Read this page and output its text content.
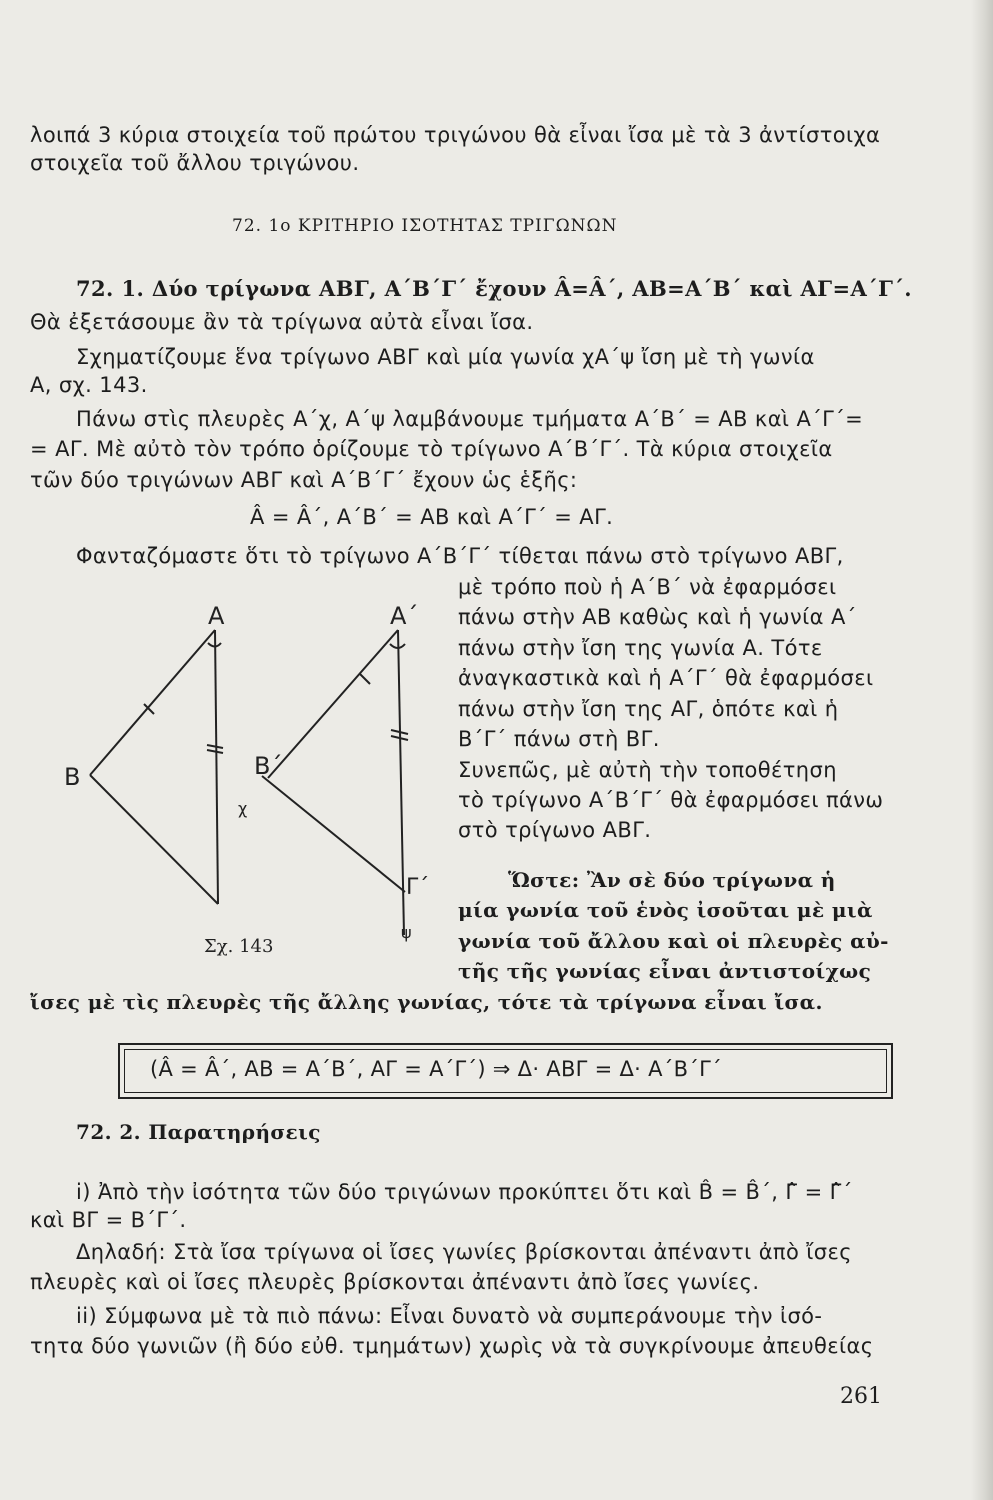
λοιπά 3 κύρια στοιχεία τοῦ πρώτου τριγώνου θὰ εἶναι ἴσα μὲ τὰ 3 ἀντίστοιχα
στοιχεῖα τοῦ ἄλλου τριγώνου.
72. 1ο ΚΡΙΤΗΡΙΟ ΙΣΟΤΗΤΑΣ ΤΡΙΓΩΝΩΝ
72. 1. Δύο τρίγωνα ΑΒΓ, Α΄Β΄Γ΄ ἔχουν Â=Â΄, ΑΒ=Α΄Β΄ καὶ ΑΓ=Α΄Γ΄.
Θὰ ἐξετάσουμε ἂν τὰ τρίγωνα αὐτὰ εἶναι ἴσα.
Σχηματίζουμε ἕνα τρίγωνο ΑΒΓ καὶ μία γωνία χΑ΄ψ ἴση μὲ τὴ γωνία
Α, σχ. 143.
Πάνω στὶς πλευρὲς Α΄χ, Α΄ψ λαμβάνουμε τμήματα Α΄Β΄ = ΑΒ καὶ Α΄Γ΄=
= ΑΓ. Μὲ αὐτὸ τὸν τρόπο ὁρίζουμε τὸ τρίγωνο Α΄Β΄Γ΄. Τὰ κύρια στοιχεῖα
τῶν δύο τριγώνων ΑΒΓ καὶ Α΄Β΄Γ΄ ἔχουν ὡς ἑξῆς:
Â = Â΄, Α΄Β΄ = ΑΒ καὶ Α΄Γ΄ = ΑΓ.
Φανταζόμαστε ὅτι τὸ τρίγωνο Α΄Β΄Γ΄ τίθεται πάνω στὸ τρίγωνο ΑΒΓ,
μὲ τρόπο ποὺ ἡ Α΄Β΄ νὰ ἐφαρμόσει
πάνω στὴν ΑΒ καθὼς καὶ ἡ γωνία Α΄
πάνω στὴν ἴση της γωνία Α. Τότε
ἀναγκαστικὰ καὶ ἡ Α΄Γ΄ θὰ ἐφαρμόσει
πάνω στὴν ἴση της ΑΓ, ὁπότε καὶ ἡ
Β΄Γ΄ πάνω στὴ ΒΓ.
Συνεπῶς, μὲ αὐτὴ τὴν τοποθέτηση
τὸ τρίγωνο Α΄Β΄Γ΄ θὰ ἐφαρμόσει πάνω
στὸ τρίγωνο ΑΒΓ.
Ὥστε: Ἂν σὲ δύο τρίγωνα ἡ
μία γωνία τοῦ ἑνὸς ἰσοῦται μὲ μιὰ
γωνία τοῦ ἄλλου καὶ οἱ πλευρὲς αὐ-
τῆς τῆς γωνίας εἶναι ἀντιστοίχως
ἴσες μὲ τὶς πλευρὲς τῆς ἄλλης γωνίας, τότε τὰ τρίγωνα εἶναι ἴσα.
Α
Β
Α΄
Β΄
Γ΄
χ
ψ
Σχ. 143
(Â = Â΄, ΑΒ = Α΄Β΄, ΑΓ = Α΄Γ΄) ⇒ Δ· ΑΒΓ = Δ· Α΄Β΄Γ΄
72. 2. Παρατηρήσεις
i) Ἀπὸ τὴν ἰσότητα τῶν δύο τριγώνων προκύπτει ὅτι καὶ B̂ = B̂΄, Γ̂ = Γ̂΄
καὶ ΒΓ = Β΄Γ΄.
Δηλαδή: Στὰ ἴσα τρίγωνα οἱ ἴσες γωνίες βρίσκονται ἀπέναντι ἀπὸ ἴσες
πλευρὲς καὶ οἱ ἴσες πλευρὲς βρίσκονται ἀπέναντι ἀπὸ ἴσες γωνίες.
ii) Σύμφωνα μὲ τὰ πιὸ πάνω: Εἶναι δυνατὸ νὰ συμπεράνουμε τὴν ἰσό-
τητα δύο γωνιῶν (ἢ δύο εὐθ. τμημάτων) χωρὶς νὰ τὰ συγκρίνουμε ἀπευθείας
261
